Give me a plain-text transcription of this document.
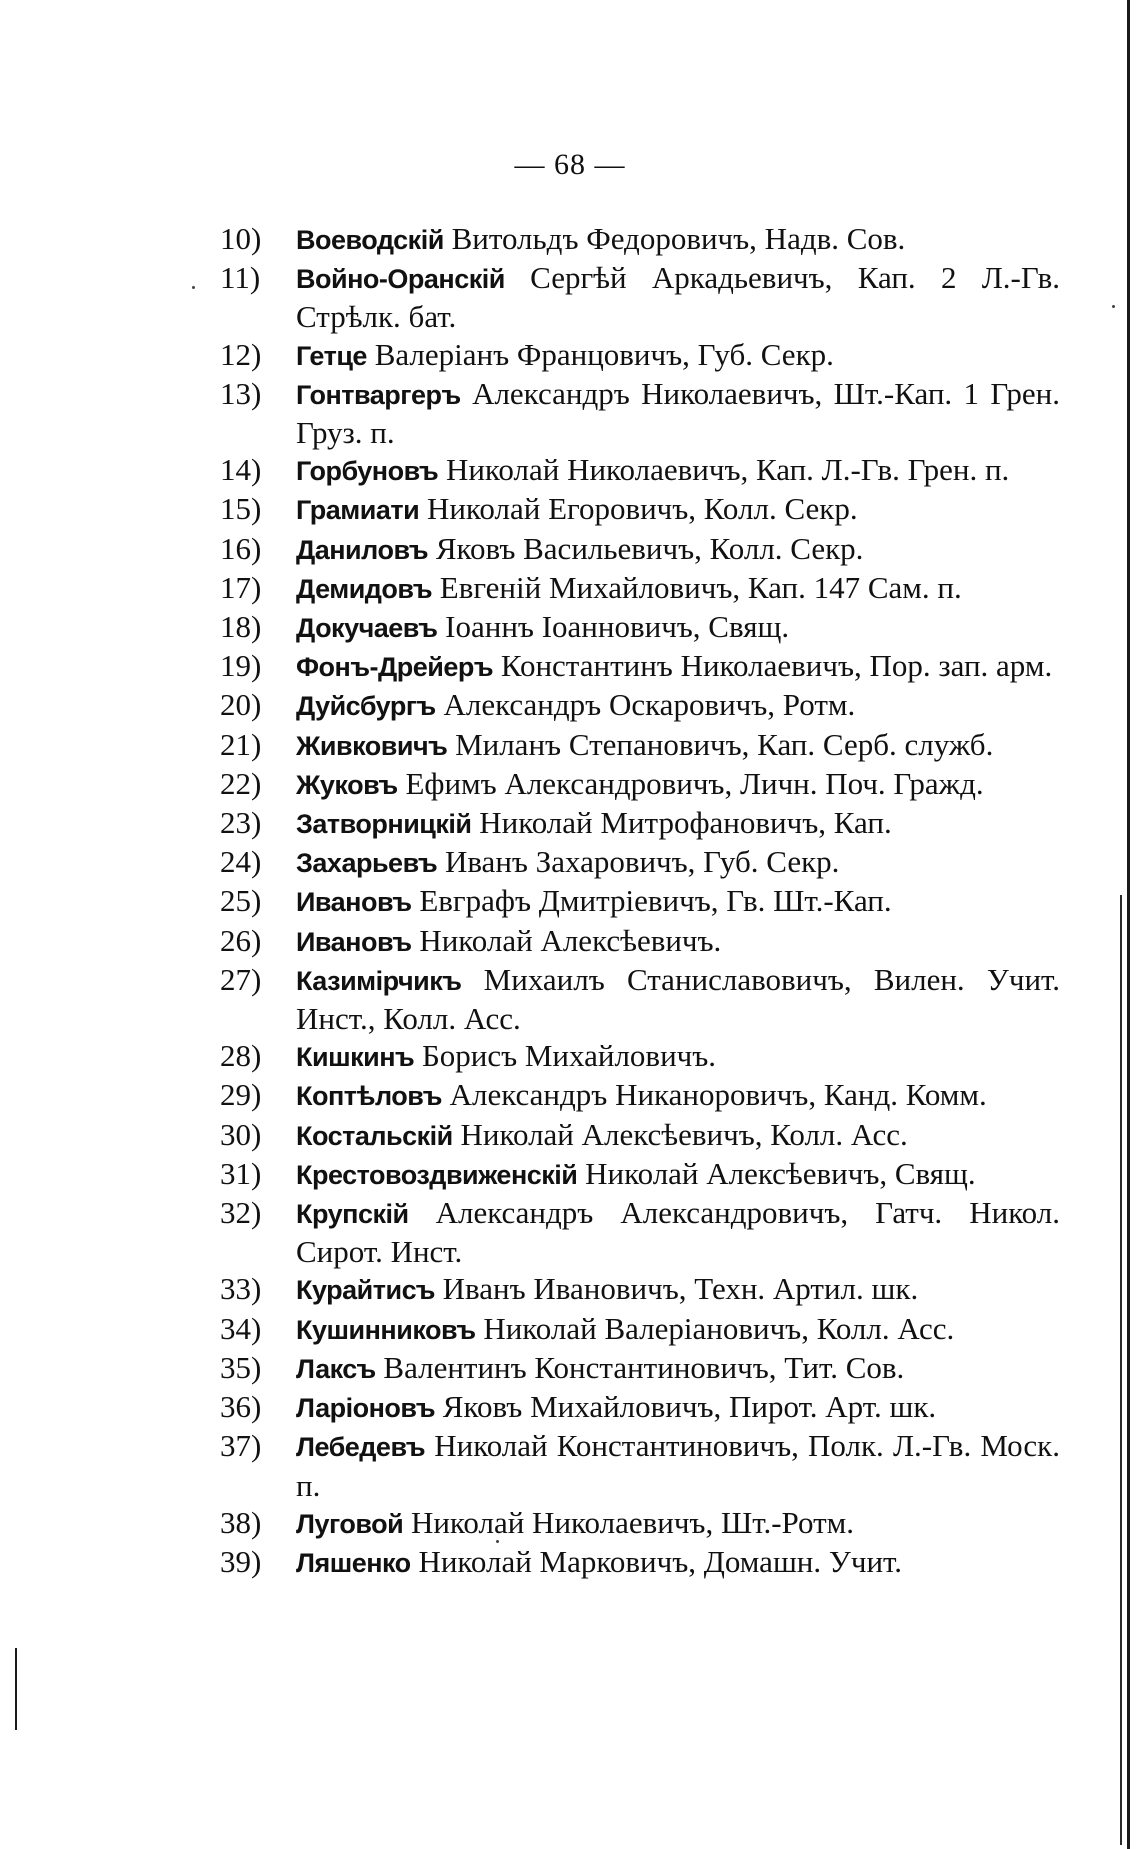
— 68 —
10)	Воеводскій Витольдъ Федоровичъ, Надв. Сов.
11)	Войно-Оранскій Сергѣй Аркадьевичъ, Кап. 2 Л.-Гв. Стрѣлк. бат.
12)	Гетце Валеріанъ Францовичъ, Губ. Секр.
13)	Гонтваргеръ Александръ Николаевичъ, Шт.-Кап. 1 Грен. Груз. п.
14)	Горбуновъ Николай Николаевичъ, Кап. Л.-Гв. Грен. п.
15)	Грамиати Николай Егоровичъ, Колл. Секр.
16)	Даниловъ Яковъ Васильевичъ, Колл. Секр.
17)	Демидовъ Евгеній Михайловичъ, Кап. 147 Сам. п.
18)	Докучаевъ Іоаннъ Іоанновичъ, Свящ.
19)	Фонъ-Дрейеръ Константинъ Николаевичъ, Пор. зап. арм.
20)	Дуйсбургъ Александръ Оскаровичъ, Ротм.
21)	Живковичъ Миланъ Степановичъ, Кап. Серб. служб.
22)	Жуковъ Ефимъ Александровичъ, Личн. Поч. Гражд.
23)	Затворницкій Николай Митрофановичъ, Кап.
24)	Захарьевъ Иванъ Захаровичъ, Губ. Секр.
25)	Ивановъ Евграфъ Дмитріевичъ, Гв. Шт.-Кап.
26)	Ивановъ Николай Алексѣевичъ.
27)	Казимірчикъ Михаилъ Станиславовичъ, Вилен. Учит. Инст., Колл. Асс.
28)	Кишкинъ Борисъ Михайловичъ.
29)	Коптѣловъ Александръ Никаноровичъ, Канд. Комм.
30)	Костальскій Николай Алексѣевичъ, Колл. Асс.
31)	Крестовоздвиженскій Николай Алексѣевичъ, Свящ.
32)	Крупскій Александръ Александровичъ, Гатч. Никол. Сирот. Инст.
33)	Курайтисъ Иванъ Ивановичъ, Техн. Артил. шк.
34)	Кушинниковъ Николай Валеріановичъ, Колл. Асс.
35)	Лаксъ Валентинъ Константиновичъ, Тит. Сов.
36)	Ларіоновъ Яковъ Михайловичъ, Пирот. Арт. шк.
37)	Лебедевъ Николай Константиновичъ, Полк. Л.-Гв. Моск. п.
38)	Луговой Николай Николаевичъ, Шт.-Ротм.
39)	Ляшенко Николай Марковичъ, Домашн. Учит.
